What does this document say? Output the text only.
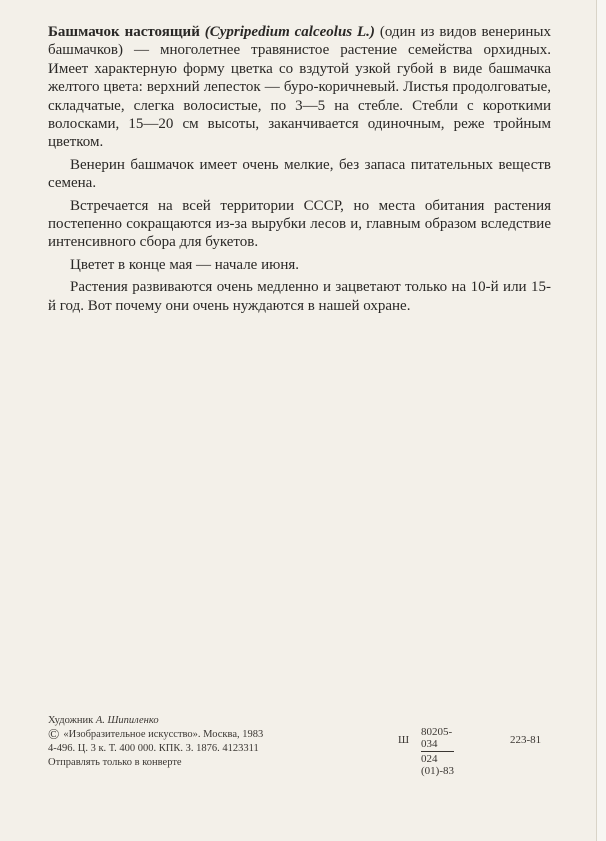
Башмачок настоящий (Cypripedium calceolus L.) (один из видов венериных башмачков) — многолетнее травянистое растение семейства орхидных. Имеет характерную форму цветка со вздутой узкой губой в виде башмачка желтого цвета: верхний лепесток — буро-коричневый. Листья продолговатые, складчатые, слегка волосистые, по 3—5 на стебле. Стебли с короткими волосками, 15—20 см высоты, заканчивается одиночным, реже тройным цветком.

Венерин башмачок имеет очень мелкие, без запаса питательных веществ семена.

Встречается на всей территории СССР, но места обитания растения постепенно сокращаются из-за вырубки лесов и, главным образом вследствие интенсивного сбора для букетов.

Цветет в конце мая — начале июня.

Растения развиваются очень медленно и зацветают только на 10-й или 15-й год. Вот почему они очень нуждаются в нашей охране.

Художник А. Шипиленко
© «Изобразительное искусство». Москва, 1983
4-496. Ц. 3 к. Т. 400 000. КПК. З. 1876. 4123311
Отправлять только в конверте
Ш $\frac{80205-034}{024 (01)-83}$	223-81
